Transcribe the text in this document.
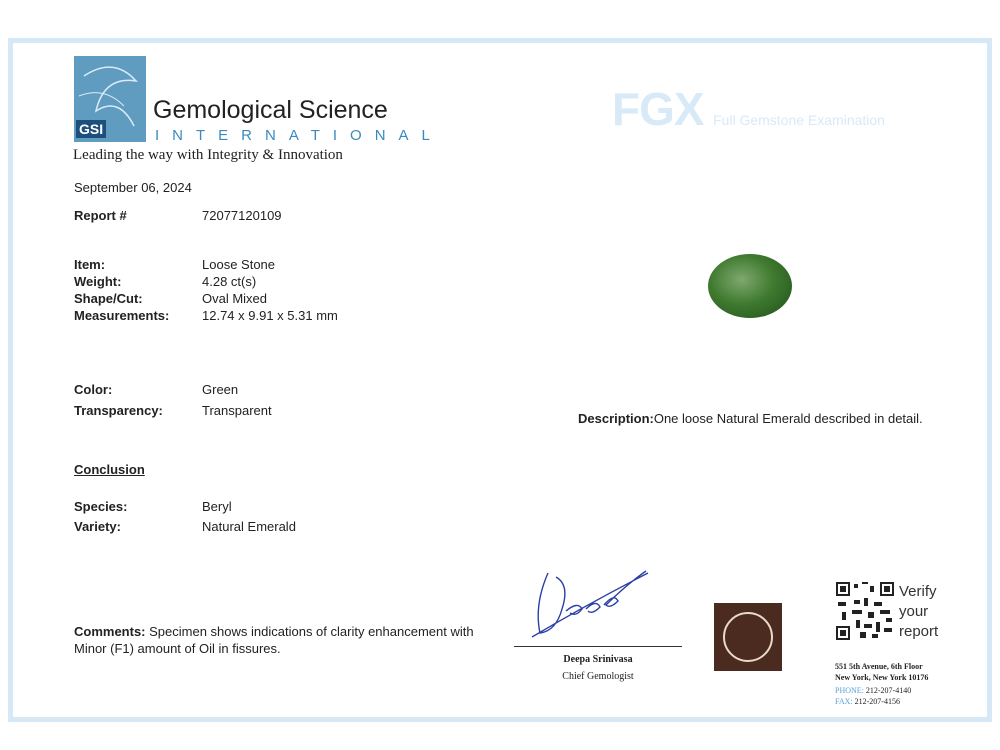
GSI
Gemological Science
INTERNATIONAL
Leading the way with Integrity & Innovation
FGX Full Gemstone Examination
September 06, 2024
Report #	72077120109
Item:	Loose Stone
Weight:	4.28 ct(s)
Shape/Cut:	Oval Mixed
Measurements:	12.74 x 9.91 x 5.31 mm
Color:	Green
Transparency:	Transparent
Conclusion
Species:	Beryl
Variety:	Natural Emerald
Comments: Specimen shows indications of clarity enhancement with
Minor (F1) amount of Oil in fissures.
Description:One loose Natural Emerald described in detail.
Deepa Srinivasa
Chief Gemologist
Verify
your
report
551 5th Avenue, 6th Floor
New York, New York 10176
PHONE: 212-207-4140
FAX: 212-207-4156
